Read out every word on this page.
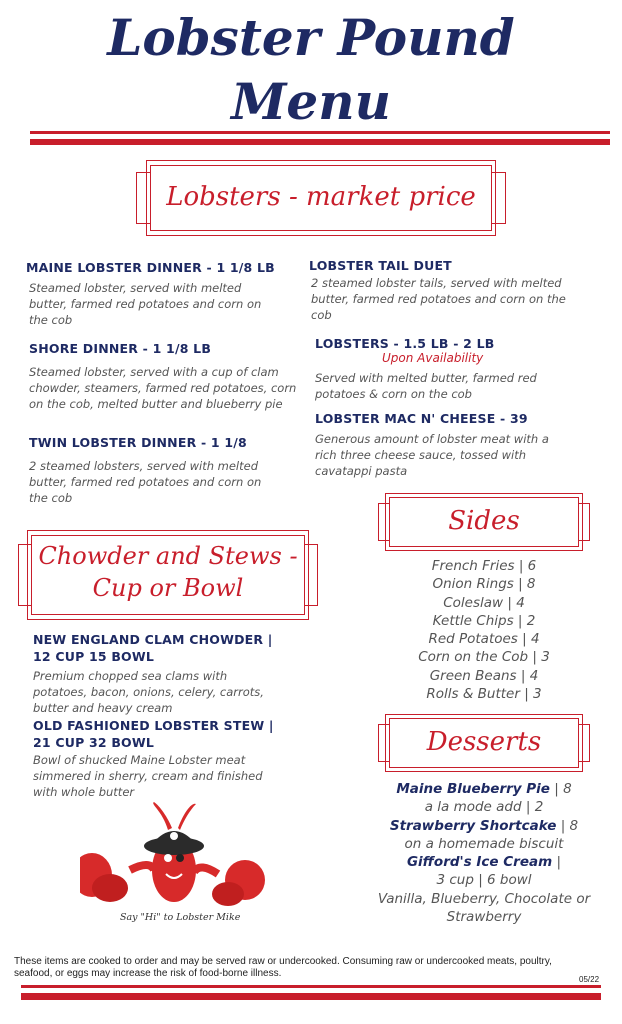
Lobster Pound
Menu
Lobsters - market price
MAINE LOBSTER DINNER - 1 1/8 LB
Steamed lobster, served with melted butter, farmed red potatoes and corn on the cob
SHORE DINNER - 1 1/8 LB
Steamed lobster, served with a cup of clam chowder, steamers, farmed red potatoes, corn on the cob, melted butter and blueberry pie
TWIN LOBSTER DINNER - 1 1/8
2 steamed lobsters, served with melted butter, farmed red potatoes and corn on the cob
LOBSTER TAIL DUET
2 steamed lobster tails, served with melted butter, farmed red potatoes and corn on the cob
LOBSTERS - 1.5 LB - 2 LB
Upon Availability
Served with melted butter, farmed red potatoes & corn on the cob
LOBSTER MAC N' CHEESE - 39
Generous amount of lobster meat with a rich three cheese sauce, tossed with cavatappi pasta
Chowder and Stews -
Cup or Bowl
NEW ENGLAND CLAM CHOWDER |
12 CUP 15 BOWL
Premium chopped sea clams with potatoes, bacon, onions, celery, carrots, butter and heavy cream
OLD FASHIONED LOBSTER STEW |
21 CUP 32 BOWL
Bowl of shucked Maine Lobster meat simmered in sherry, cream and finished with whole butter
Say "Hi" to Lobster Mike
Sides
French Fries | 6
Onion Rings | 8
Coleslaw | 4
Kettle Chips | 2
Red Potatoes | 4
Corn on the Cob | 3
Green Beans | 4
Rolls & Butter | 3
Desserts
Maine Blueberry Pie | 8
a la mode add | 2
Strawberry Shortcake | 8
on a homemade biscuit
Gifford's Ice Cream |
3 cup | 6 bowl
Vanilla, Blueberry, Chocolate or
Strawberry
These items are cooked to order and may be served raw or undercooked. Consuming raw or undercooked meats, poultry, seafood, or eggs may increase the risk of food-borne illness.
05/22
